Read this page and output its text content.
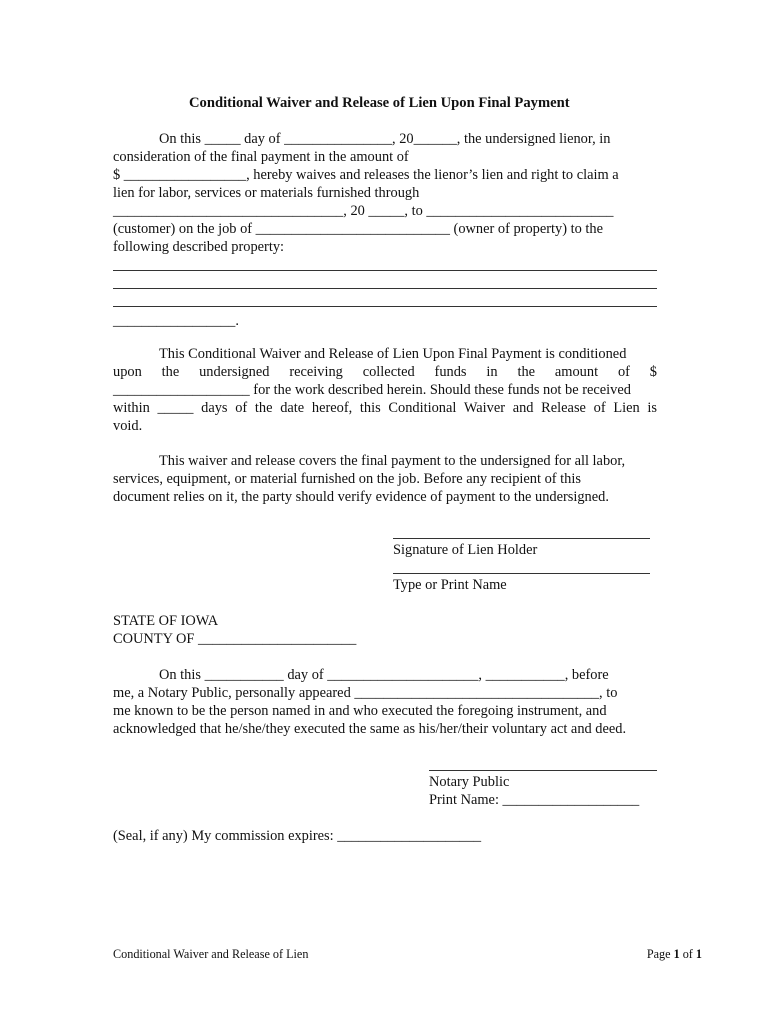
Conditional Waiver and Release of Lien Upon Final Payment

On this _____ day of _______________, 20______, the undersigned lienor, in

consideration of the final payment in the amount of

$ _________________, hereby waives and releases the lienor’s lien and right to claim a

lien for labor, services or materials furnished through

________________________________, 20 _____, to __________________________

(customer) on the job of ___________________________ (owner of property) to the

following described property:

_________________.

This Conditional Waiver and Release of Lien Upon Final Payment is conditioned

upon the undersigned receiving collected funds in the amount of $

___________________ for the work described herein. Should these funds not be received

within _____ days of the date hereof, this Conditional Waiver and Release of Lien is

void.

This waiver and release covers the final payment to the undersigned for all labor,

services, equipment, or material furnished on the job. Before any recipient of this

document relies on it, the party should verify evidence of payment to the undersigned.

Signature of Lien Holder

Type or Print Name

STATE OF IOWA

COUNTY OF ______________________

On this ___________ day of _____________________, ___________, before

me, a Notary Public, personally appeared __________________________________, to

me known to be the person named in and who executed the foregoing instrument, and

acknowledged that he/she/they executed the same as his/her/their voluntary act and deed.

Notary Public

Print Name: ___________________

(Seal, if any) My commission expires: ____________________

Conditional Waiver and Release of Lien	Page 1 of 1
